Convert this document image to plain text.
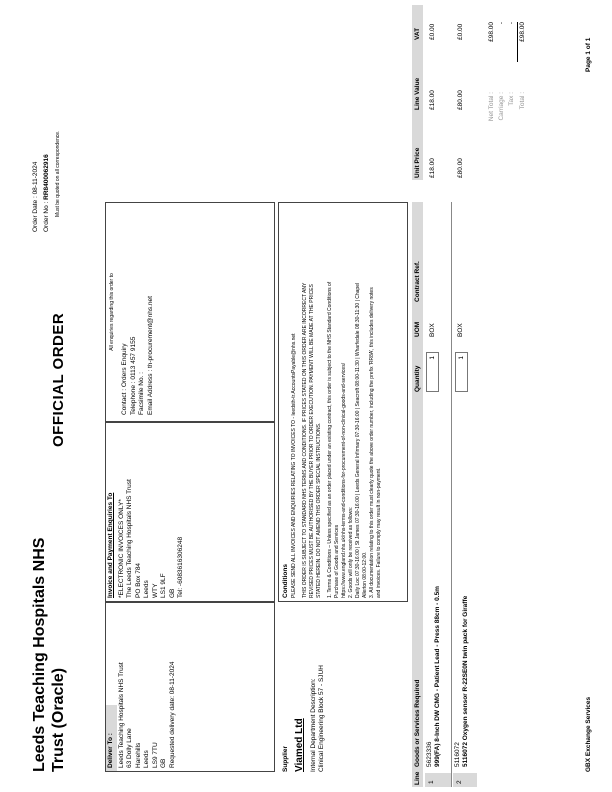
Leeds Teaching Hospitals NHS Trust (Oracle)
OFFICIAL ORDER
Order Date : 08-11-2024 Order No : RR8400062916	Must be quoted on all correspondence.
Deliver To : Leeds Teaching Hospitals NHS Trust 63 Dolly Lane Harehills Leeds LS9 7TU GB Requested delivery date: 08-11-2024
Invoice and Payment Enquiries To *ELECTRONIC INVOICES ONLY* The Leeds Teaching Hospitals NHS Trust PO Box 784 Leeds WTY LS1 9LF GB Tel: -6083616306248
All enquiries regarding this order to
Contact : Orders Enquiry Telephone : 0113 457 9155 Facsimile No. : Email Address : th-procurement@nhs.net
Supplier Viamed Ltd Internal Department Description: Clinical Engineering Block 57 - SJUH
Conditions PLEASE SEND ALL INVOICES AND ENQUIRIES RELATING TO INVOICES TO - leedsth-tr.AccountsPayable@nhs.net THIS ORDER IS SUBJECT TO STANDARD NHS TERMS AND CONDITIONS. IF PRICES STATED ON THIS ORDER ARE INCORRECT ANY REVISED PRICES MUST BE AUTHORISED BY THE BUYER PRIOR TO ORDER EXECUTION. PAYMENT WILL BE MADE AT THE PRICES STATED HEREIN. DO NOT AMEND THIS ORDER SPECIAL INSTRUCTIONS. 1. Terms & Conditions – Unless specified as an order placed under an existing contract, this order is subject to the NHS Standard Conditions of Purchase of Goods and Services https://www.england.nhs.uk/nhs-terms-and-conditions-for-procurement-of-non-clinical-goods-and-services/ 2. Goods will only be received as follows: Daily Loc 07:30-16:00 | St James 07:30-16:00 | Leeds General Infirmary 07:30-16:00 | Seacroft 08:00-11:30 | Wharfedale 08:30-11:30 | Chapel Allerton 08:00-12:00. 3. All documentation relating to this order must clearly quote the above order number, including the prefix 'RR8A', this includes delivery notes and invoices. Failure to comply may result in non-payment.
Line
Goods or Services Required
Quantity
UOM
Contract Ref.
1
5623336 999(FA) 8-Inch DW CMG - Patient Lead - Press 88cm - 0.5m
1
BOX
2
5116072 5116072 Oxygen sensor R-22SE0N twin pack for Giraffe
1
BOX
Unit Price
Line Value
VAT
£18.00
£18.00
£0.00
£80.00
£80.00
£0.00
Net Total :
£98.00
Carriage :
-
Tax :
-
Total :
£98.00
GBX Exchange Services
Page 1 of 1
